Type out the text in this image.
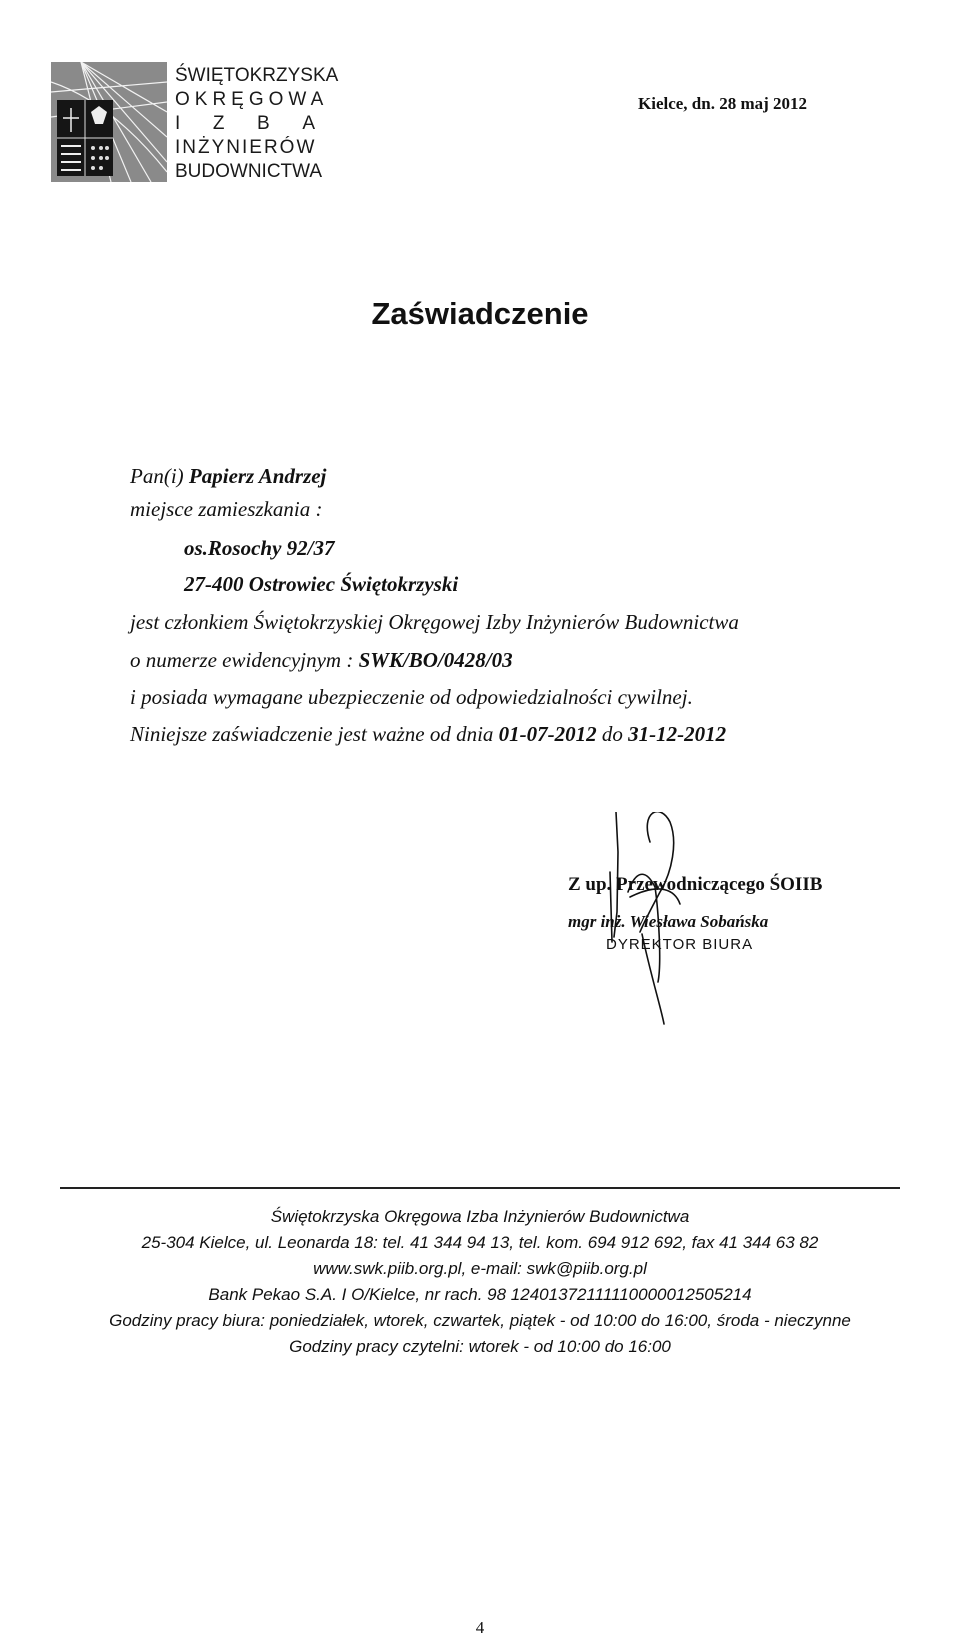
ŚWIĘTOKRZYSKA
OKRĘGOWA
I Z B A
INŻYNIERÓW
BUDOWNICTWA
Kielce, dn. 28 maj 2012
Zaświadczenie
Pan(i) Papierz Andrzej
miejsce zamieszkania :
os.Rosochy 92/37
27-400 Ostrowiec Świętokrzyski
jest członkiem Świętokrzyskiej Okręgowej Izby Inżynierów Budownictwa
o numerze ewidencyjnym : SWK/BO/0428/03
i posiada wymagane ubezpieczenie od odpowiedzialności cywilnej.
Niniejsze zaświadczenie jest ważne od dnia 01-07-2012 do 31-12-2012
Z up. Przewodniczącego ŚOIIB
mgr inż. Wiesława Sobańska
DYREKTOR BIURA
Świętokrzyska Okręgowa Izba Inżynierów Budownictwa
25-304 Kielce, ul. Leonarda 18: tel. 41 344 94 13, tel. kom. 694 912 692, fax 41 344 63 82
www.swk.piib.org.pl, e-mail: swk@piib.org.pl
Bank Pekao S.A. I O/Kielce, nr rach. 98 12401372111110000012505214
Godziny pracy biura: poniedziałek, wtorek, czwartek, piątek - od 10:00 do 16:00, środa - nieczynne
Godziny pracy czytelni: wtorek - od 10:00 do 16:00
4
